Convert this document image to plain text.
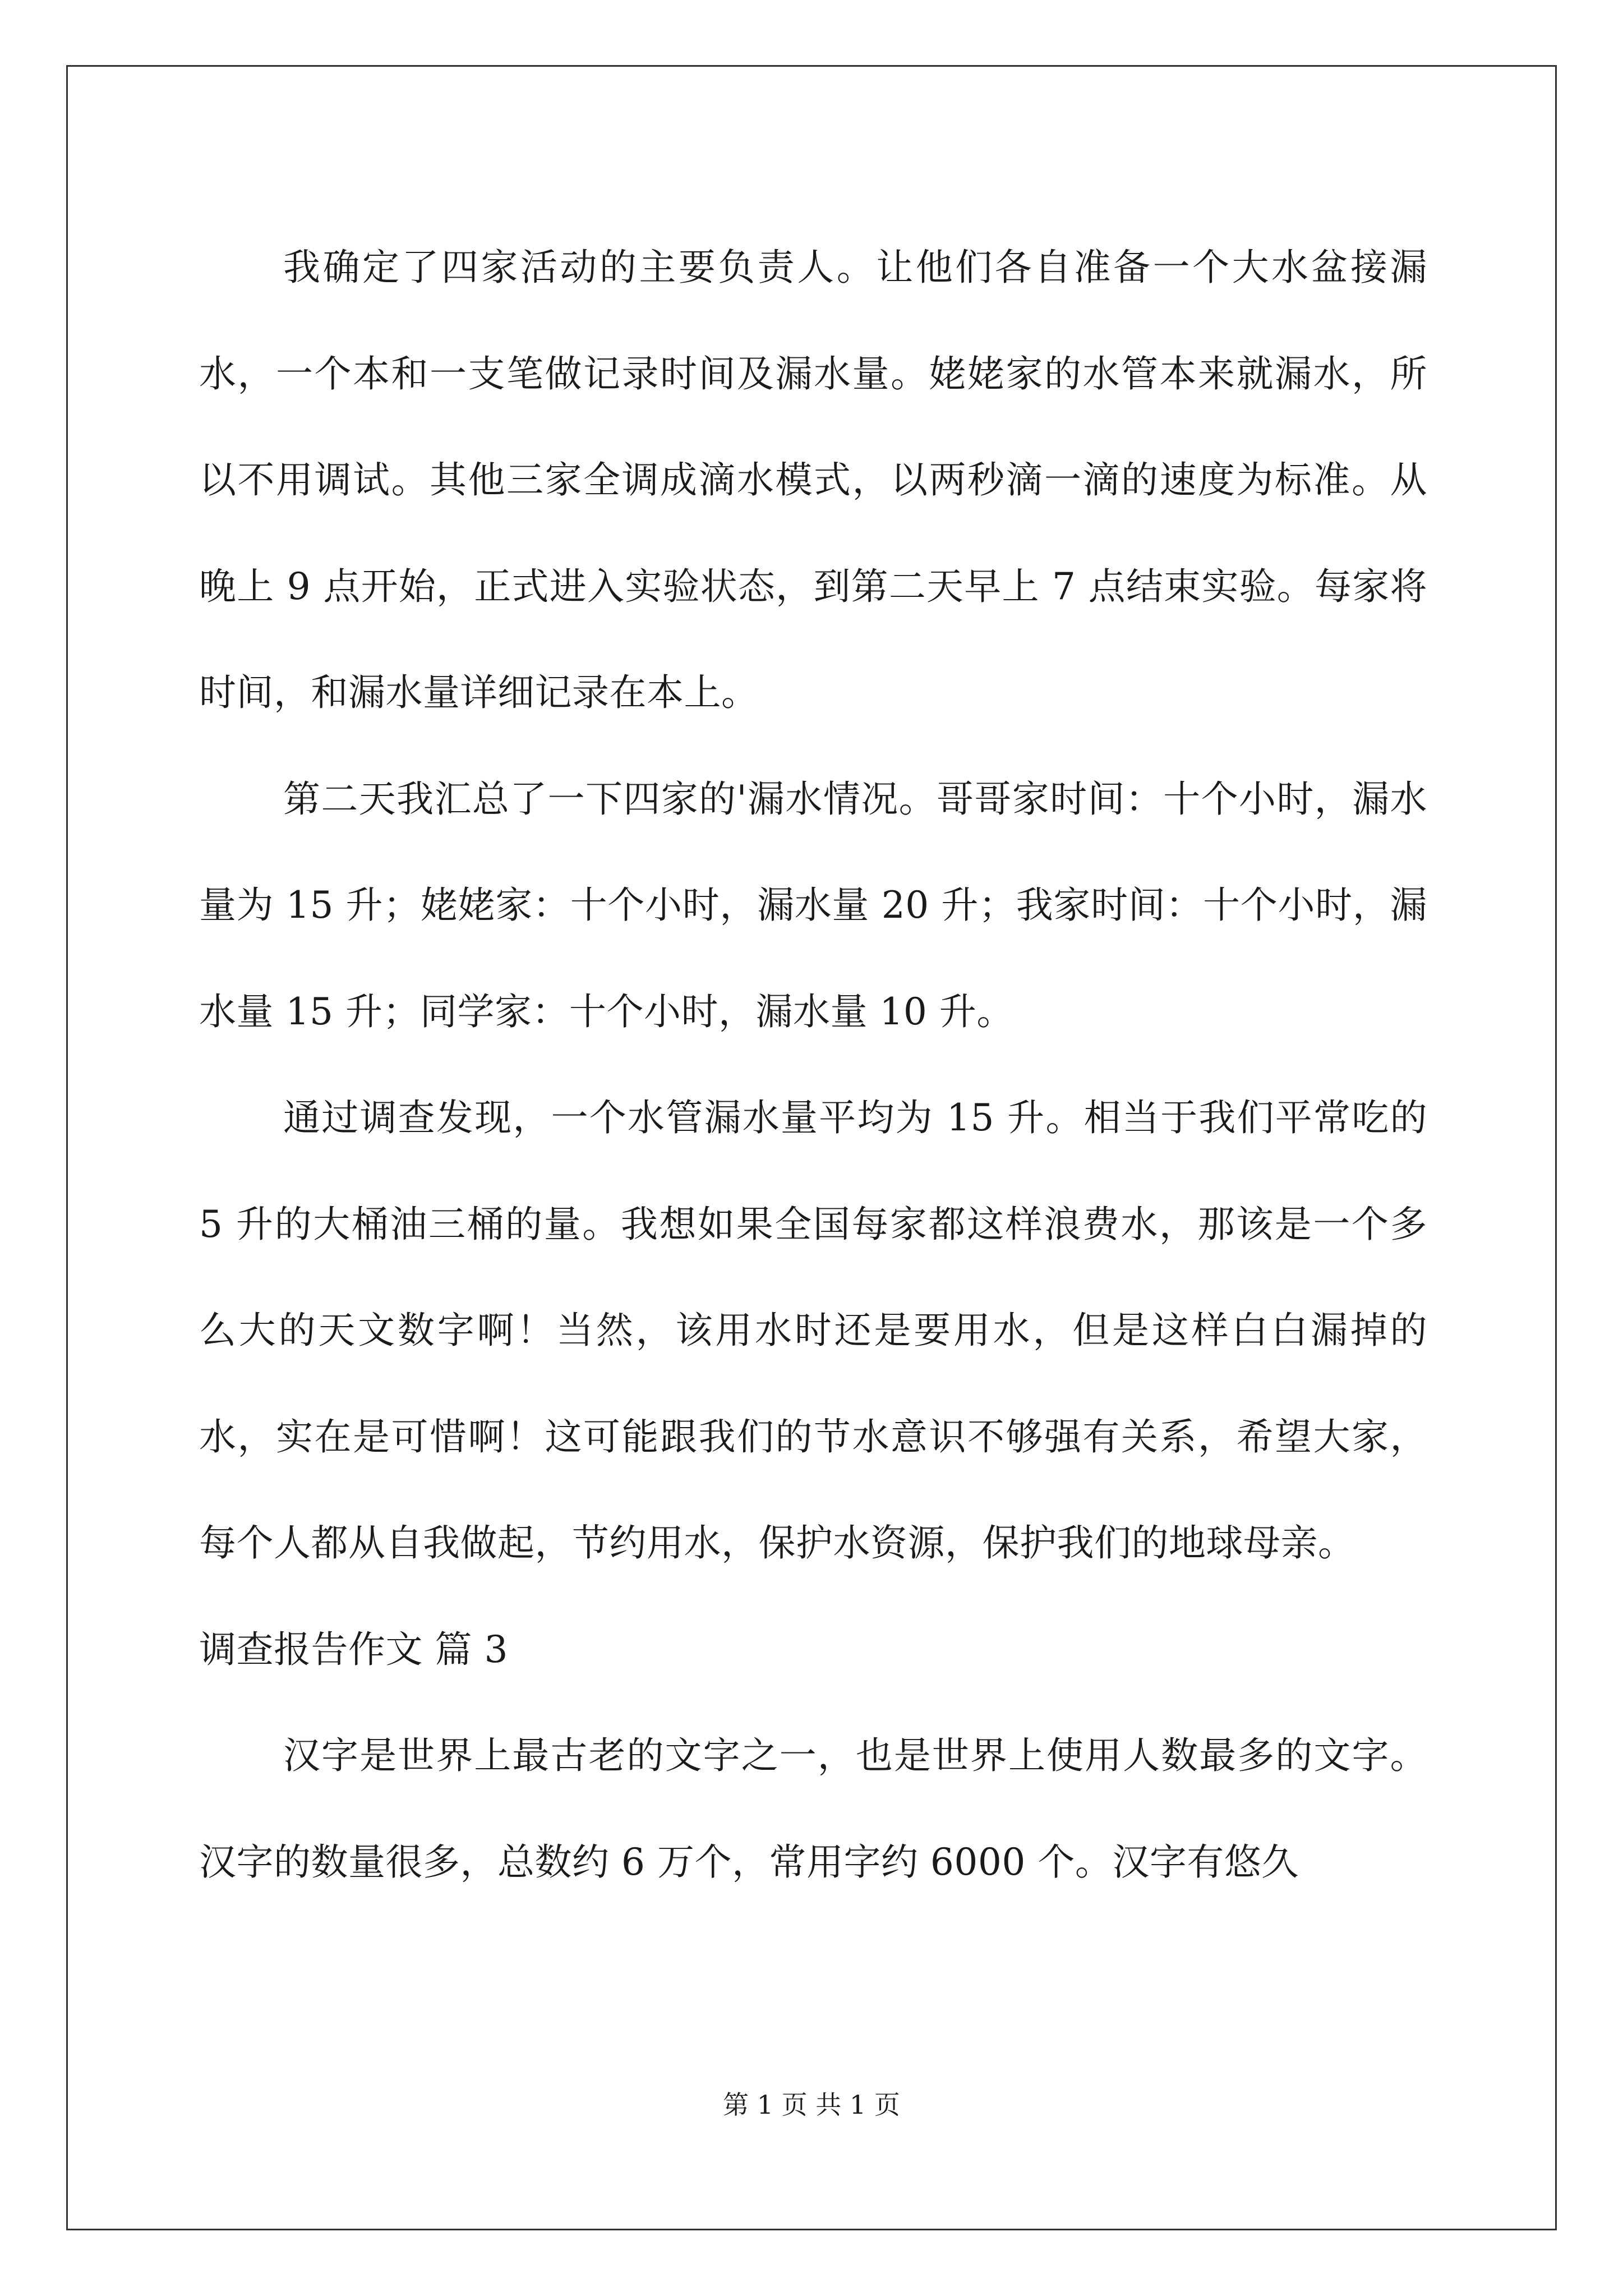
我确定了四家活动的主要负责人。让他们各自准备一个大水盆接漏水，一个本和一支笔做记录时间及漏水量。姥姥家的水管本来就漏水，所以不用调试。其他三家全调成滴水模式，以两秒滴一滴的速度为标准。从晚上 9 点开始，正式进入实验状态，到第二天早上 7 点结束实验。每家将时间，和漏水量详细记录在本上。

第二天我汇总了一下四家的'漏水情况。哥哥家时间：十个小时，漏水量为 15 升；姥姥家：十个小时，漏水量 20 升；我家时间：十个小时，漏水量 15 升；同学家：十个小时，漏水量 10 升。

通过调查发现，一个水管漏水量平均为 15 升。相当于我们平常吃的 5 升的大桶油三桶的量。我想如果全国每家都这样浪费水，那该是一个多么大的天文数字啊！当然，该用水时还是要用水，但是这样白白漏掉的水，实在是可惜啊！这可能跟我们的节水意识不够强有关系，希望大家，每个人都从自我做起，节约用水，保护水资源，保护我们的地球母亲。

调查报告作文 篇 3

汉字是世界上最古老的文字之一，也是世界上使用人数最多的文字。汉字的数量很多，总数约 6 万个，常用字约 6000 个。汉字有悠久

第 1 页 共 1 页
